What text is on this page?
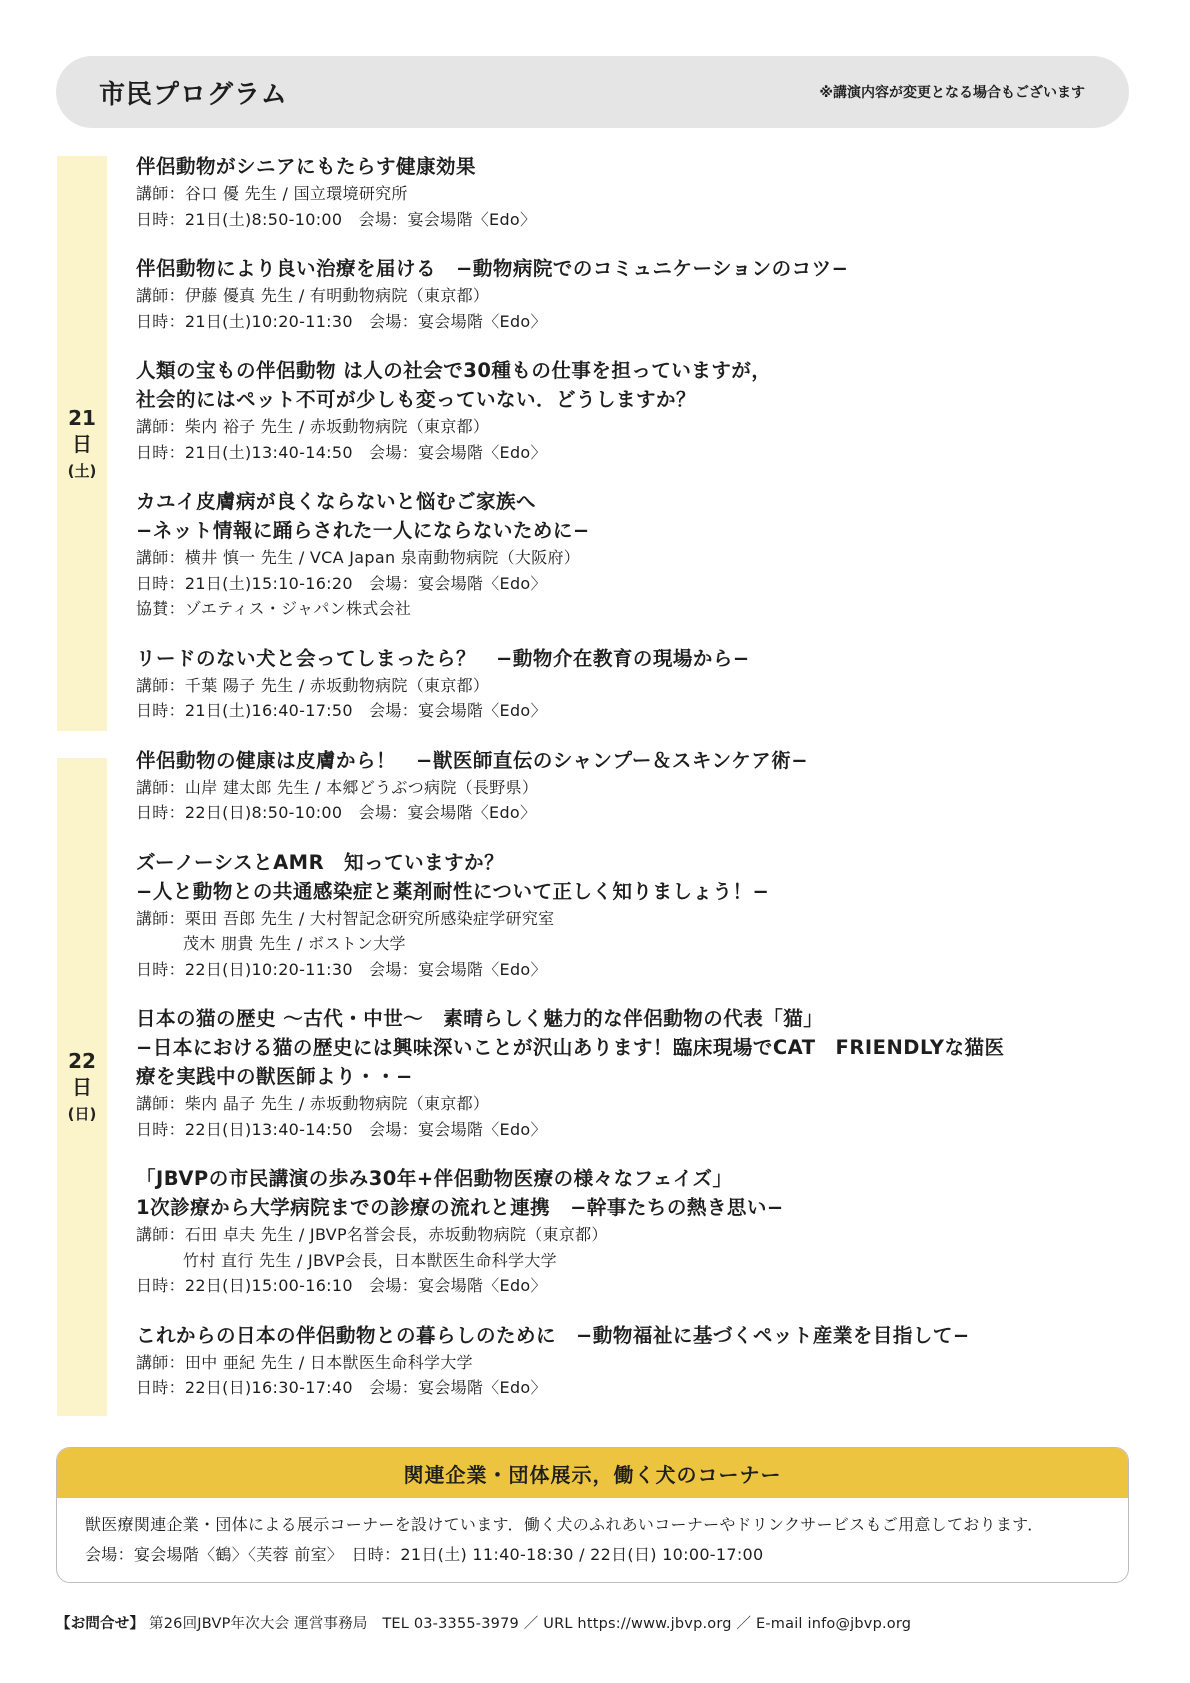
市民プログラム	※講演内容が変更となる場合もございます
21
日
(土)
22
日
(日)
伴侶動物がシニアにもたらす健康効果
講師：谷口 優 先生 / 国立環境研究所
日時：21日(土)8:50-10:00　会場：宴会場階〈Edo〉
伴侶動物により良い治療を届ける　−動物病院でのコミュニケーションのコツ−
講師：伊藤 優真 先生 / 有明動物病院（東京都）
日時：21日(土)10:20-11:30　会場：宴会場階〈Edo〉
人類の宝もの伴侶動物 は人の社会で30種もの仕事を担っていますが，
社会的にはペット不可が少しも変っていない．どうしますか？
講師：柴内 裕子 先生 / 赤坂動物病院（東京都）
日時：21日(土)13:40-14:50　会場：宴会場階〈Edo〉
カユイ皮膚病が良くならないと悩むご家族へ
−ネット情報に踊らされた一人にならないために−
講師：横井 慎一 先生 / VCA Japan 泉南動物病院（大阪府）
日時：21日(土)15:10-16:20　会場：宴会場階〈Edo〉
協賛：ゾエティス・ジャパン株式会社
リードのない犬と会ってしまったら？　−動物介在教育の現場から−
講師：千葉 陽子 先生 / 赤坂動物病院（東京都）
日時：21日(土)16:40-17:50　会場：宴会場階〈Edo〉
伴侶動物の健康は皮膚から！　−獣医師直伝のシャンプー＆スキンケア術−
講師：山岸 建太郎 先生 / 本郷どうぶつ病院（長野県）
日時：22日(日)8:50-10:00　会場：宴会場階〈Edo〉
ズーノーシスとAMR　知っていますか？
−人と動物との共通感染症と薬剤耐性について正しく知りましょう！−
講師：栗田 吾郎 先生 / 大村智記念研究所感染症学研究室
茂木 朋貴 先生 / ボストン大学
日時：22日(日)10:20-11:30　会場：宴会場階〈Edo〉
日本の猫の歴史 〜古代・中世〜　素晴らしく魅力的な伴侶動物の代表「猫」
−日本における猫の歴史には興味深いことが沢山あります！臨床現場でCAT　FRIENDLYな猫医
療を実践中の獣医師より・・−
講師：柴内 晶子 先生 / 赤坂動物病院（東京都）
日時：22日(日)13:40-14:50　会場：宴会場階〈Edo〉
「JBVPの市民講演の歩み30年+伴侶動物医療の様々なフェイズ」
1次診療から大学病院までの診療の流れと連携　−幹事たちの熱き思い−
講師：石田 卓夫 先生 / JBVP名誉会長，赤坂動物病院（東京都）
竹村 直行 先生 / JBVP会長，日本獣医生命科学大学
日時：22日(日)15:00-16:10　会場：宴会場階〈Edo〉
これからの日本の伴侶動物との暮らしのために　−動物福祉に基づくペット産業を目指して−
講師：田中 亜紀 先生 / 日本獣医生命科学大学
日時：22日(日)16:30-17:40　会場：宴会場階〈Edo〉
関連企業・団体展示，働く犬のコーナー
獣医療関連企業・団体による展示コーナーを設けています．働く犬のふれあいコーナーやドリンクサービスもご用意しております．
会場：宴会場階〈鶴〉〈芙蓉 前室〉　日時：21日(土) 11:40-18:30 / 22日(日) 10:00-17:00
【お問合せ】 第26回JBVP年次大会 運営事務局　TEL 03-3355-3979 ／ URL https://www.jbvp.org ／ E-mail info@jbvp.org
